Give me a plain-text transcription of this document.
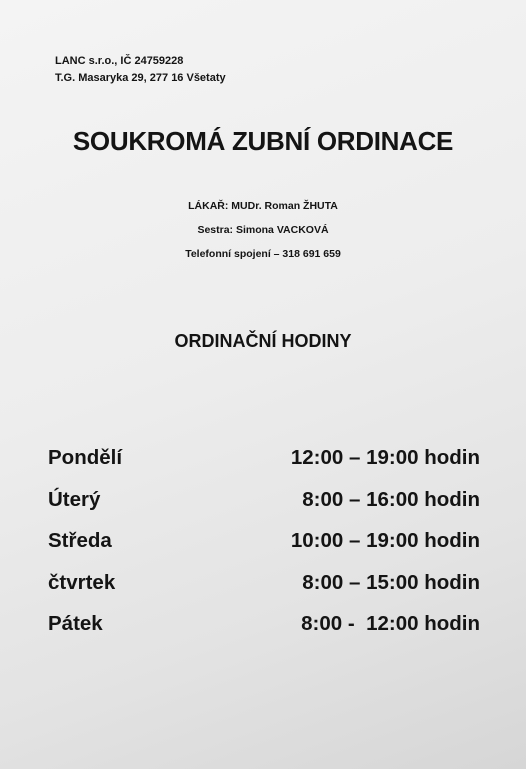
LANC s.r.o., IČ 24759228
T.G. Masaryka 29, 277 16 Všetaty
SOUKROMÁ ZUBNÍ ORDINACE
LÁKAŘ: MUDr. Roman ŽHUTA
Sestra: Simona VACKOVÁ
Telefonní spojení – 318 691 659
ORDINAČNÍ HODINY
Pondělí	12:00 – 19:00 hodin
Úterý	8:00 – 16:00 hodin
Středa	10:00 – 19:00 hodin
čtvrtek	8:00 – 15:00 hodin
Pátek	8:00 -  12:00 hodin
